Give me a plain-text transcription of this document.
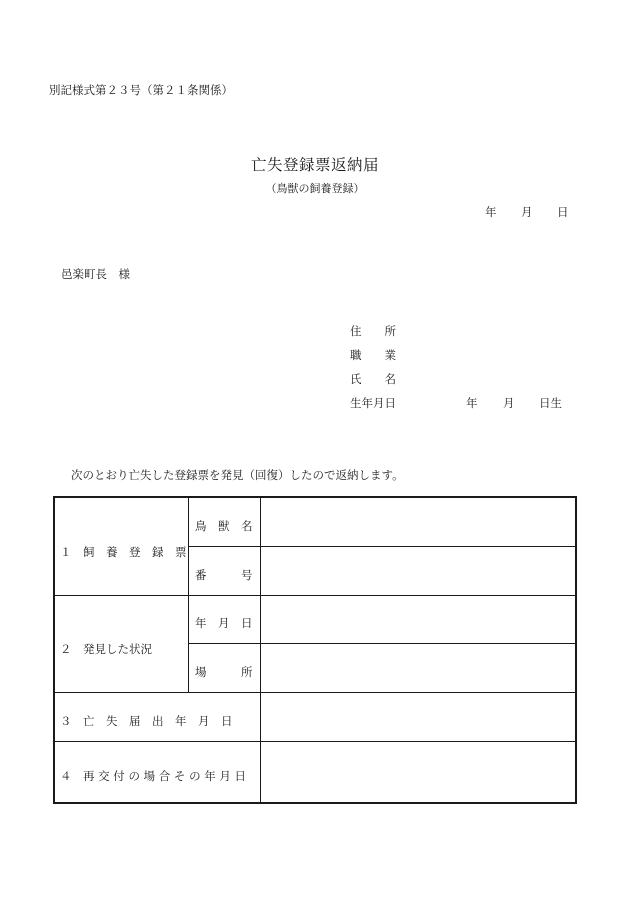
別記様式第２３号（第２１条関係）
亡失登録票返納届
（鳥獣の飼養登録）
年 月 日
邑楽町長　様
住　　所
職　　業
氏　　名
生年月日	年 月 日生
次のとおり亡失した登録票を発見（回復）したので返納します。
１　飼　養　登　録　票
鳥　獣　名
番　　　号
２　発見した状況
年　月　日
場　　　所
３　亡　失　届　出　年　月　日
４　再 交 付 の 場 合 そ の 年 月 日
